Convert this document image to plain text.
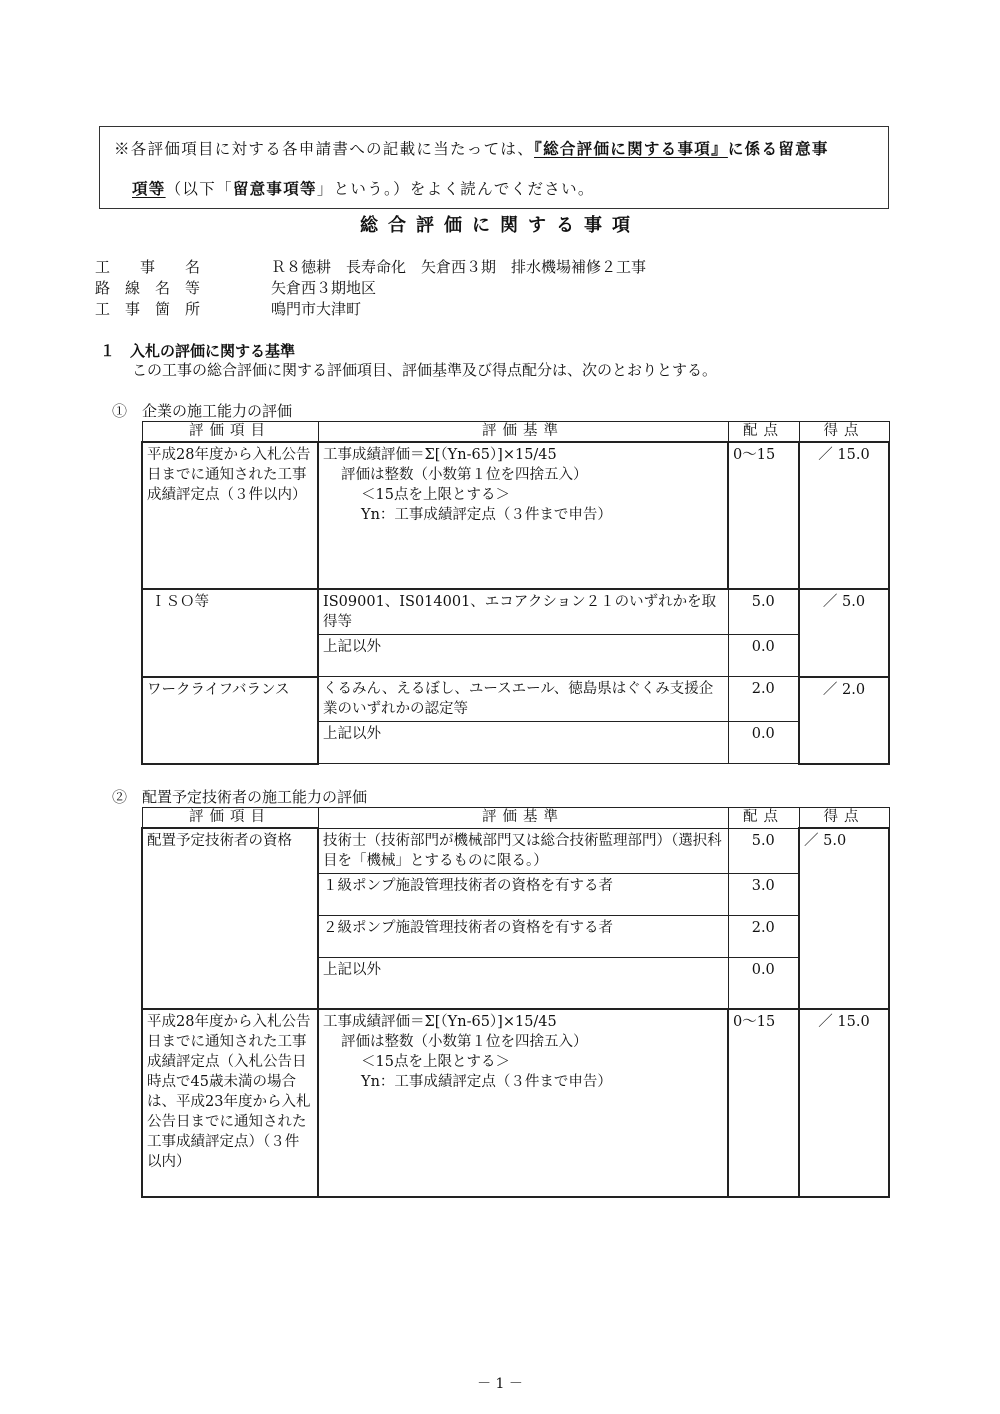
※各評価項目に対する各申請書への記載に当たっては、『総合評価に関する事項』に係る留意事
項等（以下「留意事項等」という。）をよく読んでください。
総合評価に関する事項
工　　事　　名	Ｒ８徳耕　長寿命化　矢倉西３期　排水機場補修２工事
路　線　名　等	矢倉西３期地区
工　事　箇　所	鳴門市大津町
１　入札の評価に関する基準
この工事の総合評価に関する評価項目、評価基準及び得点配分は、次のとおりとする。
①　企業の施工能力の評価
評価項目	評価基準	配点	得点
平成28年度から入札公告日までに通知された工事成績評定点（３件以内）	工事成績評価＝Σ[（Yn-65）]×15/45
評価は整数（小数第１位を四捨五入）
＜15点を上限とする＞
Yn：工事成績評定点（３件まで申告）	0～15	／ 15.0
ＩＳＯ等	IS09001、IS014001、エコアクション２１のいずれかを取得等	5.0	／ 5.0
	上記以外	0.0	
ワークライフバランス	くるみん、えるぼし、ユースエール、徳島県はぐくみ支援企業のいずれかの認定等	2.0	／ 2.0
	上記以外	0.0	
②　配置予定技術者の施工能力の評価
評価項目	評価基準	配点	得点
配置予定技術者の資格	技術士（技術部門が機械部門又は総合技術監理部門）（選択科目を「機械」とするものに限る。）	5.0	／ 5.0
	１級ポンプ施設管理技術者の資格を有する者	3.0	
	２級ポンプ施設管理技術者の資格を有する者	2.0	
	上記以外	0.0	
平成28年度から入札公告日までに通知された工事成績評定点（入札公告日時点で45歳未満の場合は、平成23年度から入札公告日までに通知された工事成績評定点）（３件以内）	工事成績評価＝Σ[（Yn-65）]×15/45
評価は整数（小数第１位を四捨五入）
＜15点を上限とする＞
Yn：工事成績評定点（３件まで申告）	0～15	／ 15.0
－ 1 －
